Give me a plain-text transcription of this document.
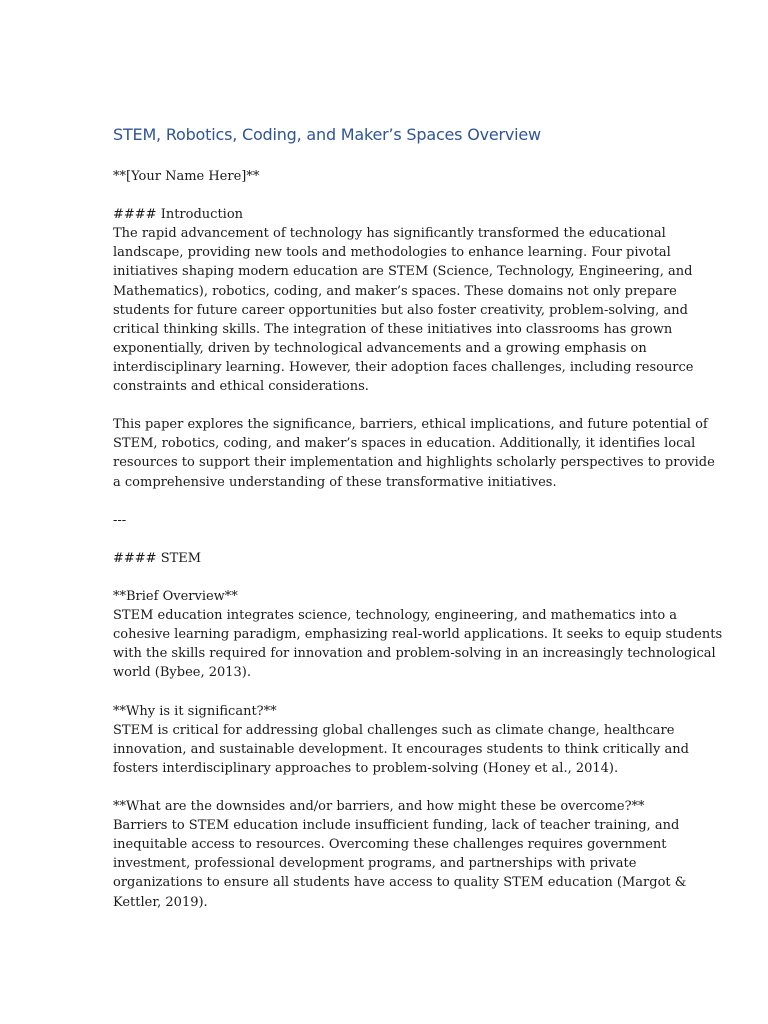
STEM, Robotics, Coding, and Maker’s Spaces Overview
**[Your Name Here]**
#### Introduction
The rapid advancement of technology has significantly transformed the educational
landscape, providing new tools and methodologies to enhance learning. Four pivotal
initiatives shaping modern education are STEM (Science, Technology, Engineering, and
Mathematics), robotics, coding, and maker’s spaces. These domains not only prepare
students for future career opportunities but also foster creativity, problem-solving, and
critical thinking skills. The integration of these initiatives into classrooms has grown
exponentially, driven by technological advancements and a growing emphasis on
interdisciplinary learning. However, their adoption faces challenges, including resource
constraints and ethical considerations.
This paper explores the significance, barriers, ethical implications, and future potential of
STEM, robotics, coding, and maker’s spaces in education. Additionally, it identifies local
resources to support their implementation and highlights scholarly perspectives to provide
a comprehensive understanding of these transformative initiatives.
---
#### STEM
**Brief Overview**
STEM education integrates science, technology, engineering, and mathematics into a
cohesive learning paradigm, emphasizing real-world applications. It seeks to equip students
with the skills required for innovation and problem-solving in an increasingly technological
world (Bybee, 2013).
**Why is it significant?**
STEM is critical for addressing global challenges such as climate change, healthcare
innovation, and sustainable development. It encourages students to think critically and
fosters interdisciplinary approaches to problem-solving (Honey et al., 2014).
**What are the downsides and/or barriers, and how might these be overcome?**
Barriers to STEM education include insufficient funding, lack of teacher training, and
inequitable access to resources. Overcoming these challenges requires government
investment, professional development programs, and partnerships with private
organizations to ensure all students have access to quality STEM education (Margot &
Kettler, 2019).
